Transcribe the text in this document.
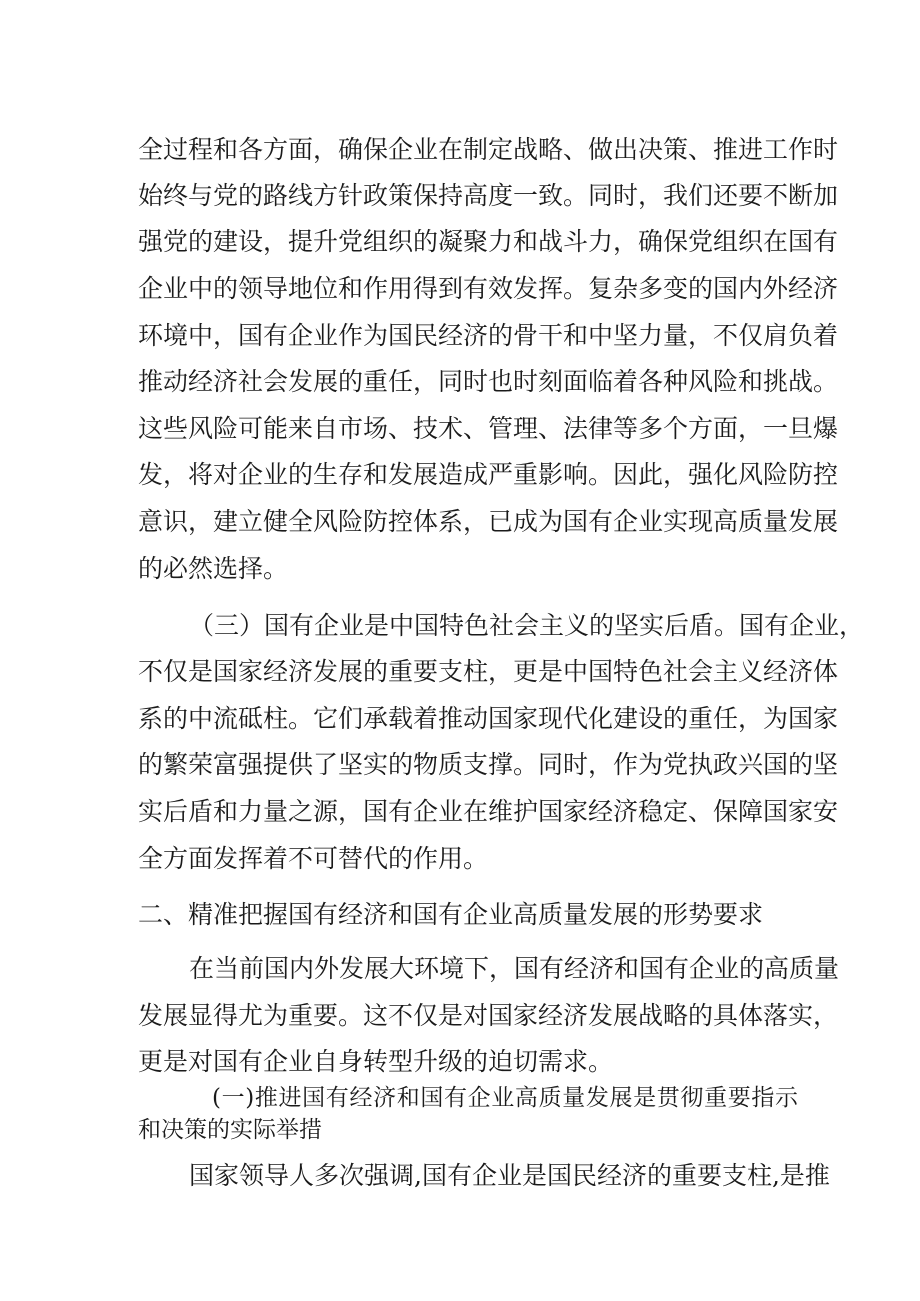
全过程和各方面，确保企业在制定战略、做出决策、推进工作时
始终与党的路线方针政策保持高度一致。同时，我们还要不断加
强党的建设，提升党组织的凝聚力和战斗力，确保党组织在国有
企业中的领导地位和作用得到有效发挥。复杂多变的国内外经济
环境中，国有企业作为国民经济的骨干和中坚力量，不仅肩负着
推动经济社会发展的重任，同时也时刻面临着各种风险和挑战。
这些风险可能来自市场、技术、管理、法律等多个方面，一旦爆
发，将对企业的生存和发展造成严重影响。因此，强化风险防控
意识，建立健全风险防控体系，已成为国有企业实现高质量发展
的必然选择。
（三）国有企业是中国特色社会主义的坚实后盾。国有企业，
不仅是国家经济发展的重要支柱，更是中国特色社会主义经济体
系的中流砥柱。它们承载着推动国家现代化建设的重任，为国家
的繁荣富强提供了坚实的物质支撑。同时，作为党执政兴国的坚
实后盾和力量之源，国有企业在维护国家经济稳定、保障国家安
全方面发挥着不可替代的作用。
二、精准把握国有经济和国有企业高质量发展的形势要求
在当前国内外发展大环境下，国有经济和国有企业的高质量
发展显得尤为重要。这不仅是对国家经济发展战略的具体落实，
更是对国有企业自身转型升级的迫切需求。
(一)推进国有经济和国有企业高质量发展是贯彻重要指示
和决策的实际举措
国家领导人多次强调,国有企业是国民经济的重要支柱,是推
